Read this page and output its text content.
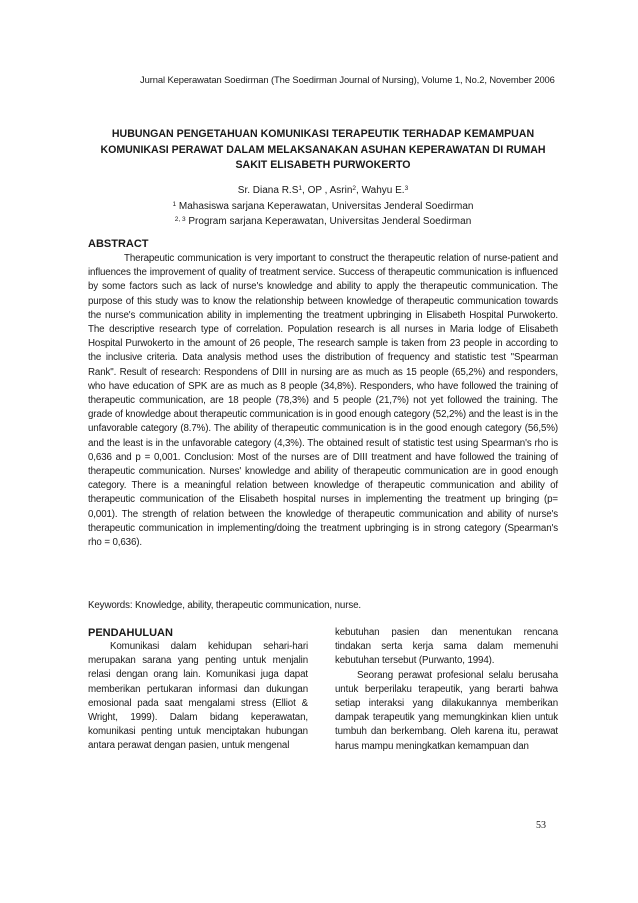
Jurnal Keperawatan Soedirman (The Soedirman Journal of Nursing), Volume 1, No.2, November 2006
HUBUNGAN PENGETAHUAN KOMUNIKASI TERAPEUTIK TERHADAP KEMAMPUAN
KOMUNIKASI PERAWAT DALAM MELAKSANAKAN ASUHAN KEPERAWATAN DI RUMAH
SAKIT ELISABETH PURWOKERTO
Sr. Diana $R.S^1$, OP , Asrin$^2$, Wahyu E.$^3$
$^1$ Mahasiswa sarjana Keperawatan, Universitas Jenderal Soedirman
$^{2, 3}$ Program sarjana Keperawatan, Universitas Jenderal Soedirman
ABSTRACT

Therapeutic communication is very important to construct the therapeutic relation of nurse-patient and influences the improvement of quality of treatment service. Success of therapeutic communication is influenced by some factors such as lack of nurse's knowledge and ability to apply the therapeutic communication. The purpose of this study was to know the relationship between knowledge of therapeutic communication towards the nurse's communication ability in implementing the treatment upbringing in Elisabeth Hospital Purwokerto. The descriptive research type of correlation. Population research is all nurses in Maria lodge of Elisabeth Hospital Purwokerto in the amount of 26 people, The research sample is taken from 23 people in according to the inclusive criteria. Data analysis method uses the distribution of frequency and statistic test "Spearman Rank". Result of research: Respondens of DIII in nursing are as much as 15 people (65,2%) and responders, who have education of SPK are as much as 8 people (34,8%). Responders, who have followed the training of therapeutic communication, are 18 people (78,3%) and 5 people (21,7%) not yet followed the training. The grade of knowledge about therapeutic communication is in good enough category (52,2%) and the least is in the unfavorable category (8.7%). The ability of therapeutic communication is in the good enough category (56,5%) and the least is in the unfavorable category (4,3%). The obtained result of statistic test using Spearman's rho is 0,636 and p = 0,001. Conclusion: Most of the nurses are of DIII treatment and have followed the training of therapeutic communication. Nurses' knowledge and ability of therapeutic communication are in good enough category. There is a meaningful relation between knowledge of therapeutic communication and ability of therapeutic communication of the Elisabeth hospital nurses in implementing the treatment up bringing (p= 0,001). The strength of relation between the knowledge of therapeutic communication and ability of nurse's therapeutic communication in implementing/doing the treatment upbringing is in strong category (Spearman's rho = 0,636).

Keywords: Knowledge, ability, therapeutic communication, nurse.
PENDAHULUAN

Komunikasi dalam kehidupan sehari-hari merupakan sarana yang penting untuk menjalin relasi dengan orang lain. Komunikasi juga dapat memberikan pertukaran informasi dan dukungan emosional pada saat mengalami stress (Elliot & Wright, 1999). Dalam bidang keperawatan, komunikasi penting untuk menciptakan hubungan antara perawat dengan pasien, untuk mengenal

kebutuhan pasien dan menentukan rencana tindakan serta kerja sama dalam memenuhi kebutuhan tersebut (Purwanto, 1994).

Seorang perawat profesional selalu berusaha untuk berperilaku terapeutik, yang berarti bahwa setiap interaksi yang dilakukannya memberikan dampak terapeutik yang memungkinkan klien untuk tumbuh dan berkembang. Oleh karena itu, perawat harus mampu meningkatkan kemampuan dan

53
